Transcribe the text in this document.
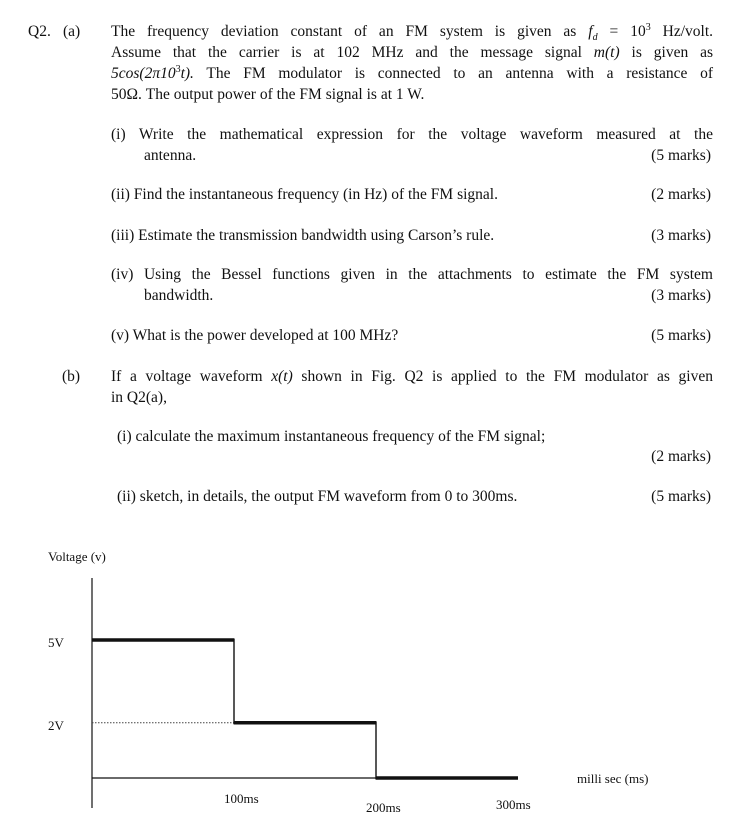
Q2. (a) The frequency deviation constant of an FM system is given as $f_d = 10^3$ Hz/volt.
Assume that the carrier is at 102 MHz and the message signal m(t) is given as
$5\cos(2\pi 10^3t)$. The FM modulator is connected to an antenna with a resistance of
50Ω. The output power of the FM signal is at 1 W.
(i) Write the mathematical expression for the voltage waveform measured at the
antenna.	(5 marks)
(ii) Find the instantaneous frequency (in Hz) of the FM signal.	(2 marks)
(iii) Estimate the transmission bandwidth using Carson’s rule.	(3 marks)
(iv) Using the Bessel functions given in the attachments to estimate the FM system
bandwidth.	(3 marks)
(v) What is the power developed at 100 MHz?	(5 marks)
(b) If a voltage waveform x(t) shown in Fig. Q2 is applied to the FM modulator as given
in Q2(a),
(i) calculate the maximum instantaneous frequency of the FM signal;
(2 marks)
(ii) sketch, in details, the output FM waveform from 0 to 300ms.	(5 marks)
Voltage (v)
milli sec (ms)
5V
2V
100ms
200ms	300ms
